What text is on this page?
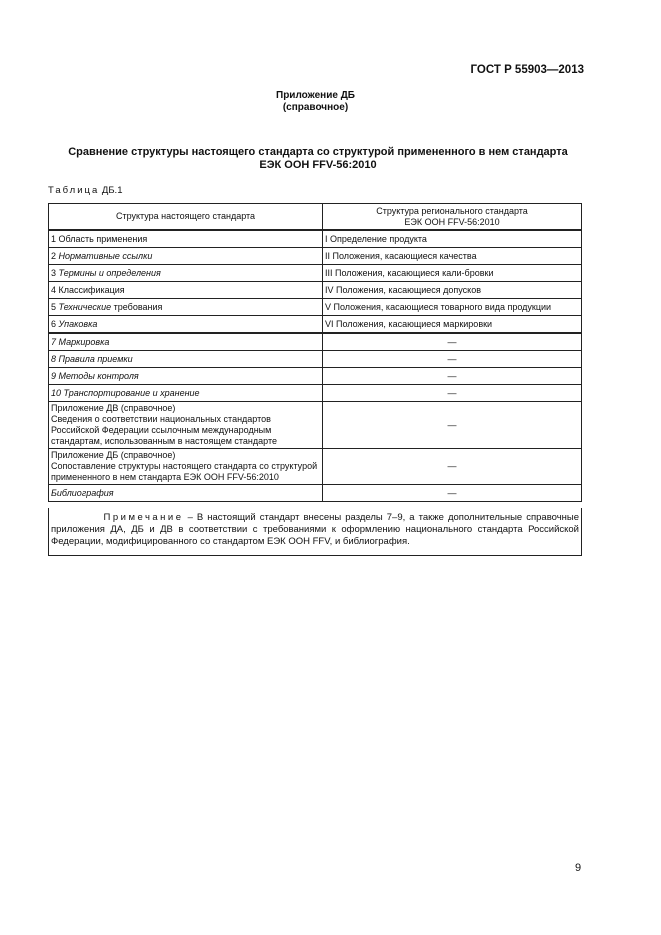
ГОСТ Р 55903—2013
Приложение ДБ
(справочное)
Сравнение структуры настоящего стандарта со структурой примененного в нем стандарта
ЕЭК ООН FFV-56:2010
Таблица ДБ.1
Структура настоящего стандарта	Структура регионального стандарта
ЕЭК ООН FFV-56:2010

1 Область применения	I Определение продукта
2 Нормативные ссылки	II Положения, касающиеся качества
3 Термины и определения	III Положения, касающиеся кали-бровки
4 Классификация	IV Положения, касающиеся допусков
5 Технические требования	V Положения, касающиеся товарного вида продукции
6 Упаковка	VI Положения, касающиеся маркировки
7 Маркировка	—
8 Правила приемки	—
9 Методы контроля	—
10 Транспортирование и хранение	—

Приложение ДВ (справочное)
Сведения о соответствии национальных стандартов Российской Федерации ссылочным международным стандартам, использованным в настоящем стандарте	—

Приложение ДБ (справочное)
Сопоставление структуры настоящего стандарта со структурой примененного в нем стандарта ЕЭК ООН FFV-56:2010	—
Библиография	—
Примечание – В настоящий стандарт внесены разделы 7–9, а также дополнительные справочные приложения ДА, ДБ и ДВ в соответствии с требованиями к оформлению национального стандарта Российской Федерации, модифицированного со стандартом ЕЭК ООН FFV, и библиография.
9
